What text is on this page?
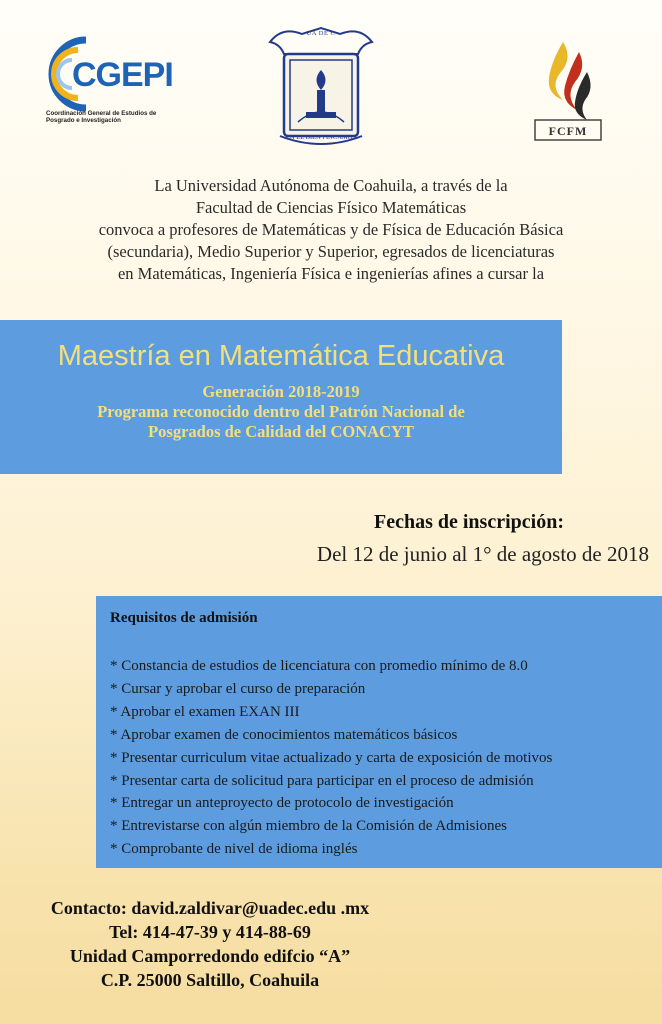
CGEPI
Coordinación General de Estudios de Posgrado e Investigación
UA DE C
EN EL BIEN FINCAMOS	FCFM
La Universidad Autónoma de Coahuila, a través de la
Facultad de Ciencias Físico Matemáticas
convoca a profesores de Matemáticas y de Física de Educación Básica
(secundaria), Medio Superior y Superior, egresados de licenciaturas
en Matemáticas, Ingeniería Física e ingenierías afines a cursar la
Maestría en Matemática Educativa
Generación 2018-2019
Programa reconocido dentro del Patrón Nacional de
Posgrados de Calidad del CONACYT
Fechas de inscripción:
Del 12 de junio al 1° de agosto de 2018
Requisitos de admisión
* Constancia de estudios de licenciatura con promedio mínimo de 8.0
* Cursar y aprobar el curso de preparación
* Aprobar el examen EXAN III
* Aprobar examen de conocimientos matemáticos básicos
* Presentar curriculum vitae actualizado y carta de exposición de motivos
* Presentar carta de solicitud para participar en el proceso de admisión
* Entregar un anteproyecto de protocolo de investigación
* Entrevistarse con algún miembro de la Comisión de Admisiones
* Comprobante de nivel de idioma inglés
Contacto: david.zaldivar@uadec.edu .mx
Tel: 414-47-39 y 414-88-69
Unidad Camporredondo edifcio “A”
C.P. 25000 Saltillo, Coahuila
